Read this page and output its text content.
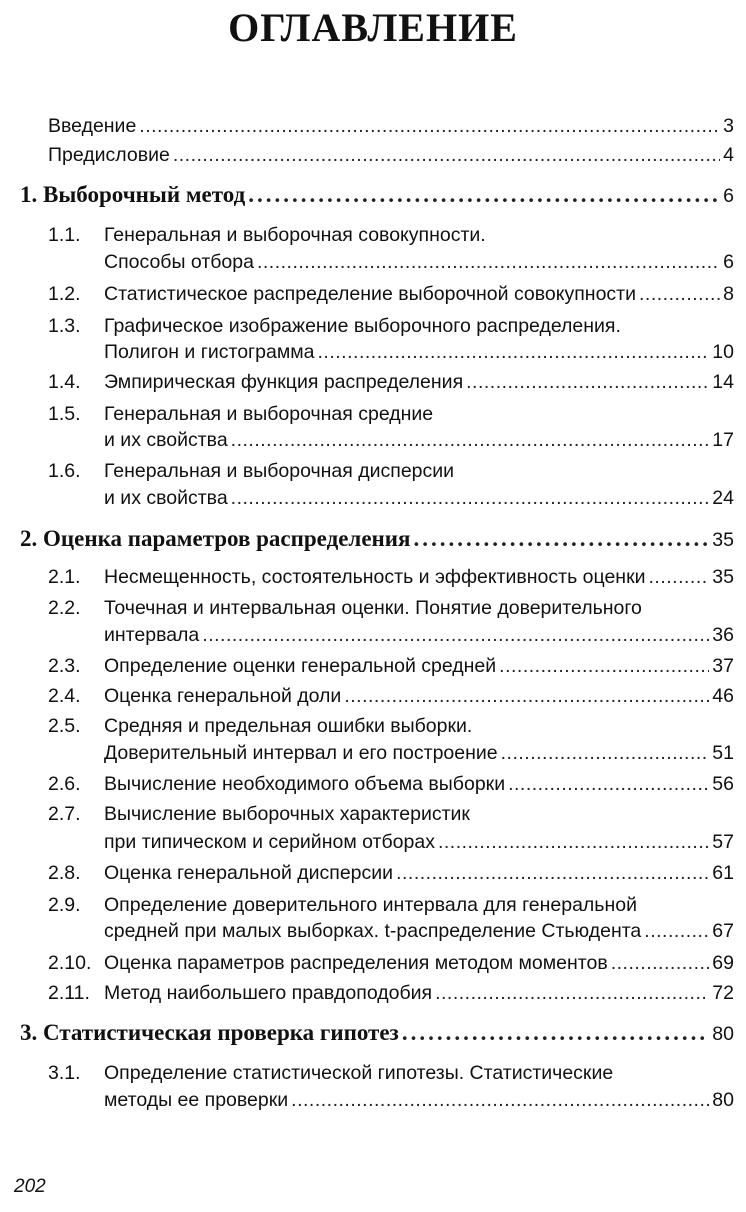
ОГЛАВЛЕНИЕ
Введение .....	3
Предисловие .....	4
1. Выборочный метод .....	6
1.1. Генеральная и выборочная совокупности.
Способы отбора .....	6
1.2. Статистическое распределение выборочной совокупности .....	8
1.3. Графическое изображение выборочного распределения.
Полигон и гистограмма .....	10
1.4. Эмпирическая функция распределения .....	14
1.5. Генеральная и выборочная средние
и их свойства .....	17
1.6. Генеральная и выборочная дисперсии
и их свойства .....	24
2. Оценка параметров распределения .....	35
2.1. Несмещенность, состоятельность и эффективность оценки .....	35
2.2. Точечная и интервальная оценки. Понятие доверительного
интервала .....	36
2.3. Определение оценки генеральной средней .....	37
2.4. Оценка генеральной доли .....	46
2.5. Средняя и предельная ошибки выборки.
Доверительный интервал и его построение .....	51
2.6. Вычисление необходимого объема выборки .....	56
2.7. Вычисление выборочных характеристик
при типическом и серийном отборах .....	57
2.8. Оценка генеральной дисперсии .....	61
2.9. Определение доверительного интервала для генеральной
средней при малых выборках. t-распределение Стьюдента .....	67
2.10. Оценка параметров распределения методом моментов .....	69
2.11. Метод наибольшего правдоподобия .....	72
3. Статистическая проверка гипотез .....	80
3.1. Определение статистической гипотезы. Статистические
методы ее проверки .....	80
202
